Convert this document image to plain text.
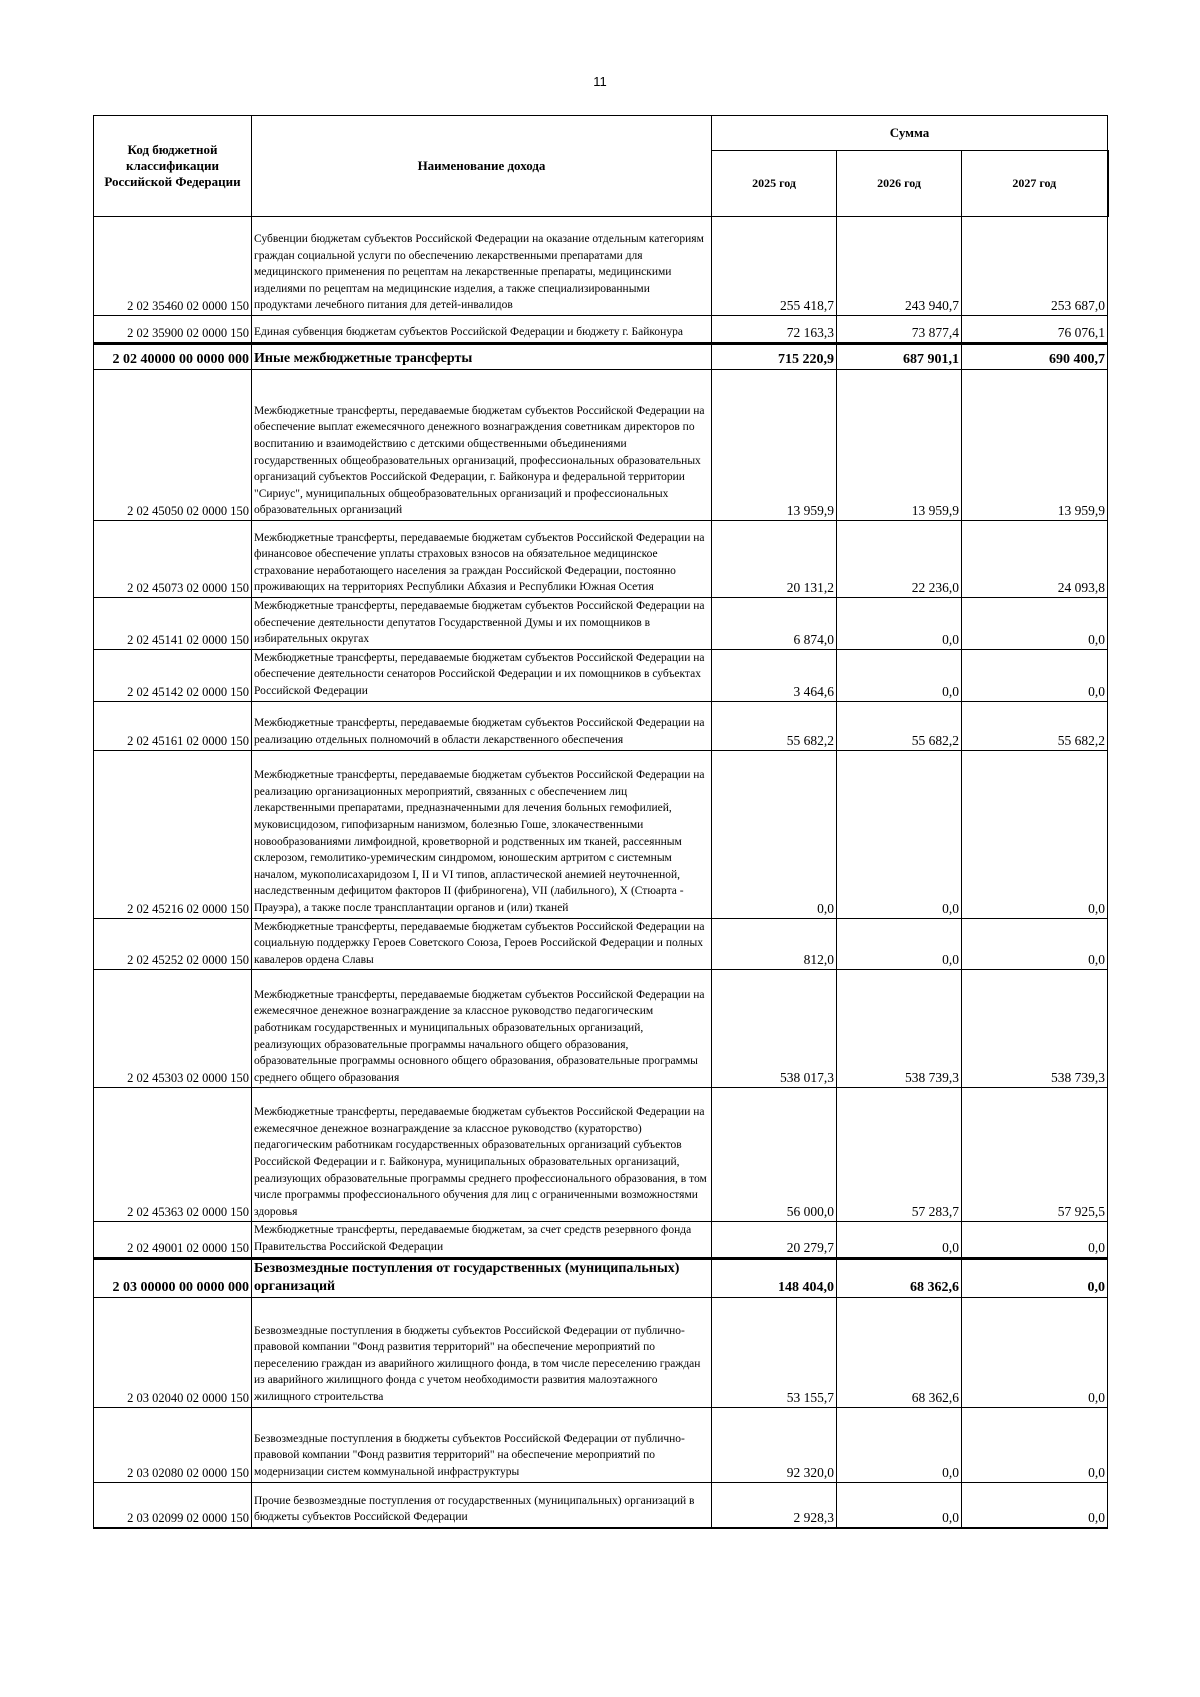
11
Код бюджетной классификации Российской Федерации	Наименование дохода	Сумма		
		2025 год	2026 год	2027 год
2 02 35460 02 0000 150	Субвенции бюджетам субъектов Российской Федерации на оказание отдельным категориям граждан социальной услуги по обеспечению лекарственными препаратами для медицинского применения по рецептам на лекарственные препараты, медицинскими изделиями по рецептам на медицинские изделия, а также специализированными продуктами лечебного питания для детей-инвалидов	255 418,7	243 940,7	253 687,0
2 02 35900 02 0000 150	Единая субвенция бюджетам субъектов Российской Федерации и бюджету г. Байконура	72 163,3	73 877,4	76 076,1
2 02 40000 00 0000 000	Иные межбюджетные трансферты	715 220,9	687 901,1	690 400,7
2 02 45050 02 0000 150	Межбюджетные трансферты, передаваемые бюджетам субъектов Российской Федерации на обеспечение выплат ежемесячного денежного вознаграждения советникам директоров по воспитанию и взаимодействию с детскими общественными объединениями государственных общеобразовательных организаций, профессиональных образовательных организаций субъектов Российской Федерации, г. Байконура и федеральной территории "Сириус", муниципальных общеобразовательных организаций и профессиональных образовательных организаций	13 959,9	13 959,9	13 959,9
2 02 45073 02 0000 150	Межбюджетные трансферты, передаваемые бюджетам субъектов Российской Федерации на финансовое обеспечение уплаты страховых взносов на обязательное медицинское страхование неработающего населения за граждан Российской Федерации, постоянно проживающих на территориях Республики Абхазия и Республики Южная Осетия	20 131,2	22 236,0	24 093,8
2 02 45141 02 0000 150	Межбюджетные трансферты, передаваемые бюджетам субъектов Российской Федерации на обеспечение деятельности депутатов Государственной Думы и их помощников в избирательных округах	6 874,0	0,0	0,0
2 02 45142 02 0000 150	Межбюджетные трансферты, передаваемые бюджетам субъектов Российской Федерации на обеспечение деятельности сенаторов Российской Федерации и их помощников в субъектах Российской Федерации	3 464,6	0,0	0,0
2 02 45161 02 0000 150	Межбюджетные трансферты, передаваемые бюджетам субъектов Российской Федерации на реализацию отдельных полномочий в области лекарственного обеспечения	55 682,2	55 682,2	55 682,2
2 02 45216 02 0000 150	Межбюджетные трансферты, передаваемые бюджетам субъектов Российской Федерации на реализацию организационных мероприятий, связанных с обеспечением лиц лекарственными препаратами, предназначенными для лечения больных гемофилией, муковисцидозом, гипофизарным нанизмом, болезнью Гоше, злокачественными новообразованиями лимфоидной, кроветворной и родственных им тканей, рассеянным склерозом, гемолитико-уремическим синдромом, юношеским артритом с системным началом, мукополисахаридозом I, II и VI типов, апластической анемией неуточненной, наследственным дефицитом факторов II (фибриногена), VII (лабильного), X (Стюарта - Прауэра), а также после трансплантации органов и (или) тканей	0,0	0,0	0,0
2 02 45252 02 0000 150	Межбюджетные трансферты, передаваемые бюджетам субъектов Российской Федерации на социальную поддержку Героев Советского Союза, Героев Российской Федерации и полных кавалеров ордена Славы	812,0	0,0	0,0
2 02 45303 02 0000 150	Межбюджетные трансферты, передаваемые бюджетам субъектов Российской Федерации на ежемесячное денежное вознаграждение за классное руководство педагогическим работникам государственных и муниципальных образовательных организаций, реализующих образовательные программы начального общего образования, образовательные программы основного общего образования, образовательные программы среднего общего образования	538 017,3	538 739,3	538 739,3
2 02 45363 02 0000 150	Межбюджетные трансферты, передаваемые бюджетам субъектов Российской Федерации на ежемесячное денежное вознаграждение за классное руководство (кураторство) педагогическим работникам государственных образовательных организаций субъектов Российской Федерации и г. Байконура, муниципальных образовательных организаций, реализующих образовательные программы среднего профессионального образования, в том числе программы профессионального обучения для лиц с ограниченными возможностями здоровья	56 000,0	57 283,7	57 925,5
2 02 49001 02 0000 150	Межбюджетные трансферты, передаваемые бюджетам, за счет средств резервного фонда Правительства Российской Федерации	20 279,7	0,0	0,0
2 03 00000 00 0000 000	Безвозмездные поступления от государственных (муниципальных) организаций	148 404,0	68 362,6	0,0
2 03 02040 02 0000 150	Безвозмездные поступления в бюджеты субъектов Российской Федерации от публично-правовой компании "Фонд развития территорий" на обеспечение мероприятий по переселению граждан из аварийного жилищного фонда, в том числе переселению граждан из аварийного жилищного фонда с учетом необходимости развития малоэтажного жилищного строительства	53 155,7	68 362,6	0,0
2 03 02080 02 0000 150	Безвозмездные поступления в бюджеты субъектов Российской Федерации от публично-правовой компании "Фонд развития территорий" на обеспечение мероприятий по модернизации систем коммунальной инфраструктуры	92 320,0	0,0	0,0
2 03 02099 02 0000 150	Прочие безвозмездные поступления от государственных (муниципальных) организаций в бюджеты субъектов Российской Федерации	2 928,3	0,0	0,0
